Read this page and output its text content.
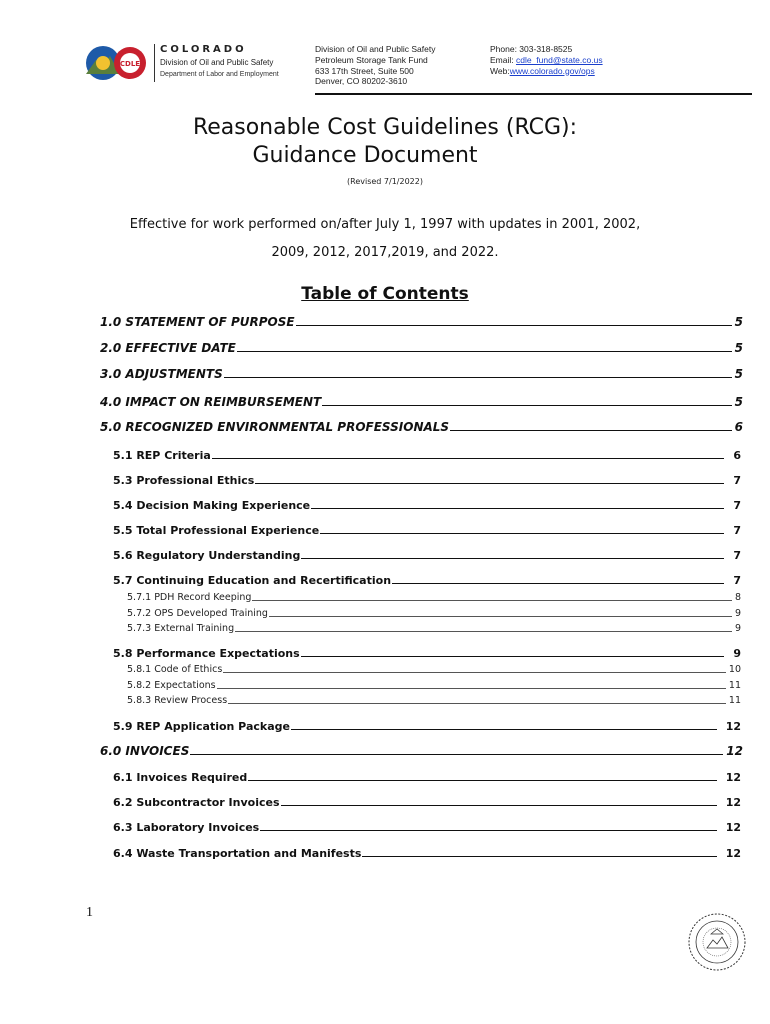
CDLE
COLORADO
Division of Oil and Public Safety
Department of Labor and Employment
Division of Oil and Public Safety
Petroleum Storage Tank Fund
633 17th Street, Suite 500
Denver, CO 80202-3610
Phone: 303-318-8525
Email: cdle_fund@state.co.us
Web:www.colorado.gov/ops
Reasonable Cost Guidelines (RCG):
Guidance Document
(Revised 7/1/2022)
Effective for work performed on/after July 1, 1997 with updates in 2001, 2002,
2009, 2012, 2017,2019, and 2022.
Table of Contents
1.0 STATEMENT OF PURPOSE	5
2.0 EFFECTIVE DATE	5
3.0 ADJUSTMENTS	5
4.0 IMPACT ON REIMBURSEMENT	5
5.0 RECOGNIZED ENVIRONMENTAL PROFESSIONALS	6
5.1 REP Criteria	6
5.3 Professional Ethics	7
5.4 Decision Making Experience	7
5.5 Total Professional Experience	7
5.6 Regulatory Understanding	7
5.7 Continuing Education and Recertification	7
5.7.1 PDH Record Keeping	8
5.7.2 OPS Developed Training	9
5.7.3 External Training	9
5.8 Performance Expectations	9
5.8.1 Code of Ethics	10
5.8.2 Expectations	11
5.8.3 Review Process	11
5.9 REP Application Package	12
6.0 INVOICES	12
6.1 Invoices Required	12
6.2 Subcontractor Invoices	12
6.3 Laboratory Invoices	12
6.4 Waste Transportation and Manifests	12
1
